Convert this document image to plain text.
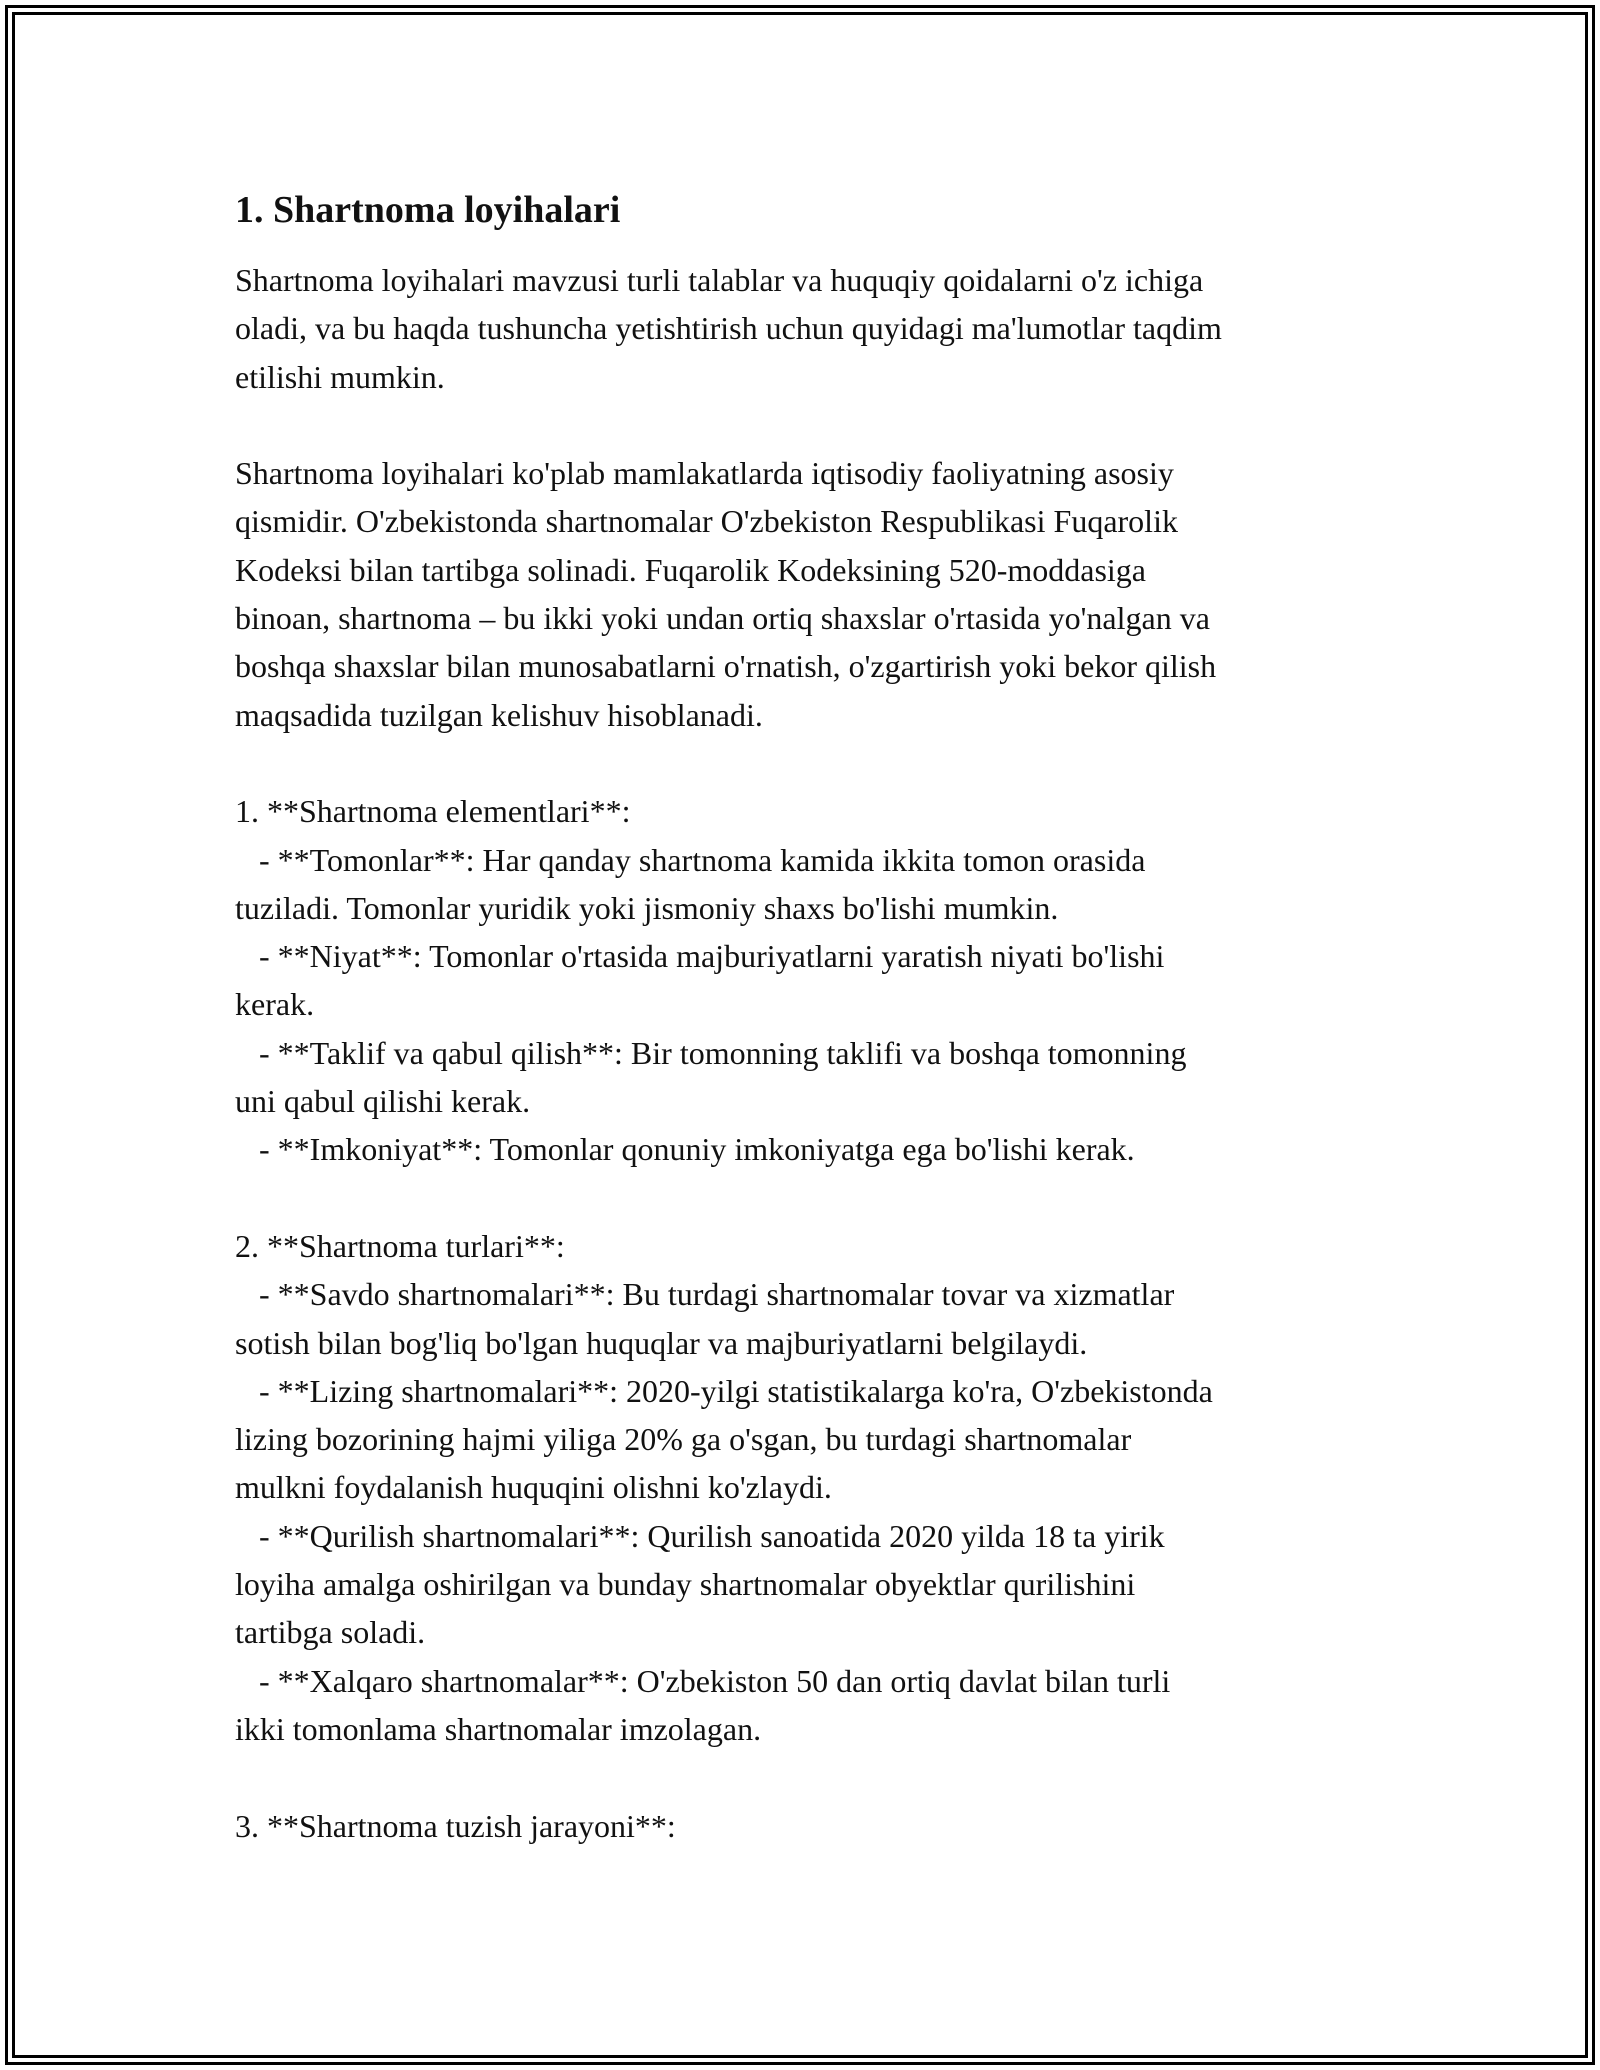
1. Shartnoma loyihalari

Shartnoma loyihalari mavzusi turli talablar va huquqiy qoidalarni o'z ichiga
oladi, va bu haqda tushuncha yetishtirish uchun quyidagi ma'lumotlar taqdim
etilishi mumkin.

Shartnoma loyihalari ko'plab mamlakatlarda iqtisodiy faoliyatning asosiy
qismidir. O'zbekistonda shartnomalar O'zbekiston Respublikasi Fuqarolik
Kodeksi bilan tartibga solinadi. Fuqarolik Kodeksining 520-moddasiga
binoan, shartnoma – bu ikki yoki undan ortiq shaxslar o'rtasida yo'nalgan va
boshqa shaxslar bilan munosabatlarni o'rnatish, o'zgartirish yoki bekor qilish
maqsadida tuzilgan kelishuv hisoblanadi.

1. **Shartnoma elementlari**:
- **Tomonlar**: Har qanday shartnoma kamida ikkita tomon orasida
tuziladi. Tomonlar yuridik yoki jismoniy shaxs bo'lishi mumkin.
- **Niyat**: Tomonlar o'rtasida majburiyatlarni yaratish niyati bo'lishi
kerak.
- **Taklif va qabul qilish**: Bir tomonning taklifi va boshqa tomonning
uni qabul qilishi kerak.
- **Imkoniyat**: Tomonlar qonuniy imkoniyatga ega bo'lishi kerak.

2. **Shartnoma turlari**:
- **Savdo shartnomalari**: Bu turdagi shartnomalar tovar va xizmatlar
sotish bilan bog'liq bo'lgan huquqlar va majburiyatlarni belgilaydi.
- **Lizing shartnomalari**: 2020-yilgi statistikalarga ko'ra, O'zbekistonda
lizing bozorining hajmi yiliga 20% ga o'sgan, bu turdagi shartnomalar
mulkni foydalanish huquqini olishni ko'zlaydi.
- **Qurilish shartnomalari**: Qurilish sanoatida 2020 yilda 18 ta yirik
loyiha amalga oshirilgan va bunday shartnomalar obyektlar qurilishini
tartibga soladi.
- **Xalqaro shartnomalar**: O'zbekiston 50 dan ortiq davlat bilan turli
ikki tomonlama shartnomalar imzolagan.

3. **Shartnoma tuzish jarayoni**:
